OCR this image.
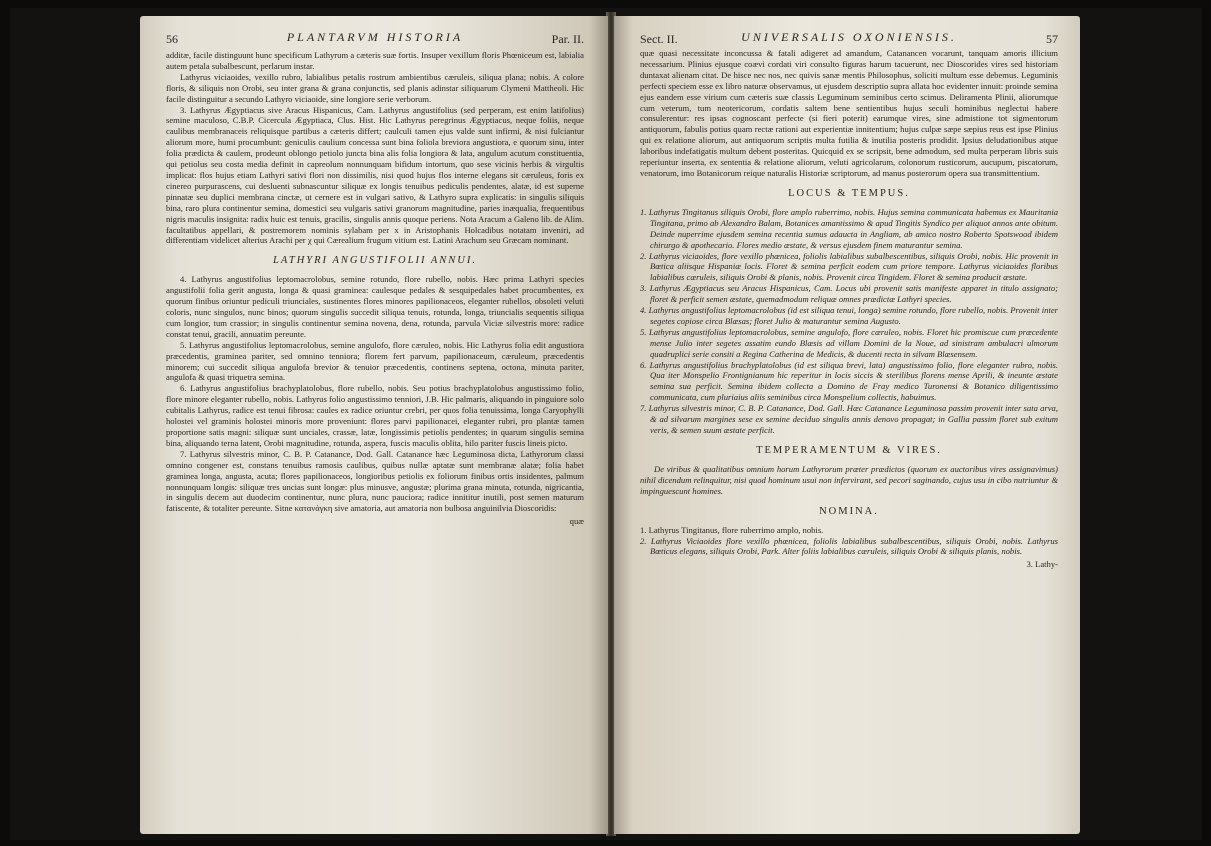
56	PLANTARVM HISTORIA	Par. II.

additæ, facile distinguunt hunc specificum Lathyrum a cæteris suæ fortis. Insuper vexillum floris Phœniceum est, labialia autem petala subalbescunt, perlarum instar.

Lathyrus viciaoides, vexillo rubro, labialibus petalis rostrum ambientibus cæruleis, siliqua plana; nobis. A colore floris, & siliquis non Orobi, seu inter grana & grana conjunctis, sed planis adinstar siliquarum Clymeni Mattheoli. Hic facile distinguitur a secundo Lathyro viciaoide, sine longiore serie verborum.

3. Lathyrus Ægyptiacus sive Aracus Hispanicus, Cam. Lathyrus angustifolius (sed perperam, est enim latifolius) semine maculoso, C.B.P. Cicercula Ægyptiaca, Clus. Hist. Hic Lathyrus peregrinus Ægyptiacus, neque foliis, neque caulibus membranaceis reliquisque partibus a cæteris differt; caulculi tamen ejus valde sunt infirmi, & nisi fulciantur aliorum more, humi procumbunt: geniculis caulium concessa sunt bina foliola breviora angustiora, e quorum sinu, inter folia prædicta & caulem, prodeunt oblongo petiolo juncta bina alis folia longiora & lata, angulum acutum constituentia, qui petiolus seu costa media definit in capreolum nonnunquam bifidum intortum, quo sese vicinis herbis & virgultis implicat: flos hujus etiam Lathyri sativi flori non dissimilis, nisi quod hujus flos interne elegans sit cæruleus, foris ex cinereo purpurascens, cui desluenti subnascuntur siliquæ ex longis tenuibus pediculis pendentes, alatæ, id est superne pinnatæ seu duplici membrana cinctæ, ut cernere est in vulgari sativo, & Lathyro supra explicatis: in singulis siliquis bina, raro plura continentur semina, domestici seu vulgaris sativi granorum magnitudine, paries inæqualia, frequentibus nigris maculis insignita: radix huic est tenuis, gracilis, singulis annis quoque periens. Nota Aracum a Galeno lib. de Alim. facultatibus appellari, & postremorem nominis sylabam per x in Aristophanis Holcadibus notatam inveniri, ad differentiam videlicet alterius Arachi per χ qui Cærealium frugum vitium est. Latini Arachum seu Græcam nominant.

LATHYRI ANGUSTIFOLII ANNUI.

4. Lathyrus angustifolius leptomacrolobus, semine rotundo, flore rubello, nobis. Hæc prima Lathyri species angustifolii folia gerit angusta, longa & quasi graminea: caulesque pedales & sesquipedales habet procumbentes, ex quorum finibus oriuntur pediculi triunciales, sustinentes flores minores papilionaceos, eleganter rubellos, obsoleti veluti coloris, nunc singulos, nunc binos; quorum singulis succedit siliqua tenuis, rotunda, longa, triuncialis sequentis siliqua cum longior, tum crassior; in singulis continentur semina novena, dena, rotunda, parvula Viciæ silvestris more: radice constat tenui, gracili, annuatim pereunte.

5. Lathyrus angustifolius leptomacrolobus, semine angulofo, flore cæruleo, nobis. Hic Lathyrus folia edit angustiora præcedentis, graminea pariter, sed omnino tenniora; florem fert parvum, papilionaceum, cæruleum, præcedentis minorem; cui succedit siliqua angulofa brevior & tenuior præcedentis, continens septena, octona, minuta pariter, angulofa & quasi triquetra semina.

6. Lathyrus angustifolius brachyplatolobus, flore rubello, nobis. Seu potius brachyplatolobus angustissimo folio, flore minore eleganter rubello, nobis. Lathyrus folio angustissimo tenniori, J.B. Hic palmaris, aliquando in pinguiore solo cubitalis Lathyrus, radice est tenui fibrosa: caules ex radice oriuntur crebri, per quos folia tenuissima, longa Caryophylli holostei vel graminis holostei minoris more proveniunt: flores parvi papilionacei, eleganter rubri, pro plantæ tamen proportione satis magni: siliquæ sunt unciales, crassæ, latæ, longissimis petiolis pendentes; in quarum singulis semina bina, aliquando terna latent, Orobi magnitudine, rotunda, aspera, fuscis maculis oblita, hilo pariter fuscis lineis picto.

7. Lathyrus silvestris minor, C. B. P. Catanance, Dod. Gall. Catanance hæc Leguminosa dicta, Lathyrorum classi omnino congener est, constans tenuibus ramosis caulibus, quibus nullæ aptatæ sunt membranæ alatæ; folia habet graminea longa, angusta, acuta; flores papilionaceos, longioribus petiolis ex foliorum finibus ortis insidentes, palmum nonnunquam longis: siliquæ tres uncias sunt longæ: plus minusve, angustæ; plurima grana minuta, rotunda, nigricantia, in singulis decem aut duodecim continentur, nunc plura, nunc pauciora; radice innititur inutili, post semen maturum fatiscente, & totaliter pereunte. Sitne κατανάγκη sive amatoria, aut amatoria non bulbosa anguinilvia Dioscoridis:

quæ
Sect. II.	UNIVERSALIS OXONIENSIS.	57

quæ quasi necessitate inconcussa & fatali adigeret ad amandum, Catanancen vocarunt, tanquam amoris illicium necessarium. Plinius ejusque coævi cordati viri consulto figuras harum tacuerunt, nec Dioscorides vires sed historiam duntaxat alienam citat. De hisce nec nos, nec quivis sanæ mentis Philosophus, soliciti multum esse debemus. Leguminis perfecti speciem esse ex libro naturæ observamus, ut ejusdem descriptio supra allata hoc evidenter innuit: proinde semina ejus eandem esse virium cum cæteris suæ classis Leguminum seminibus certo scimus. Deliramenta Plinii, aliorumque cum veterum, tum neotericorum, cordatis saltem bene sentientibus hujus seculi hominibus neglectui habere consulerentur: res ipsas cognoscant perfecte (si fieri poterit) earumque vires, sine admistione tot sigmentorum antiquorum, fabulis potius quam rectæ rationi aut experientiæ innitentium; hujus culpæ sæpe sæpius reus est ipse Plinius qui ex relatione aliorum, aut antiquorum scriptis multa futilia & inutilia posteris prodidit. Ipsius deludationibus atque laboribus indefatigatis multum debent posteritas. Quicquid ex se scripsit, bene admodum, sed multa perperam libris suis reperiuntur inserta, ex sententia & relatione aliorum, veluti agricolarum, colonorum rusticorum, aucupum, piscatorum, venatorum, imo Botanicorum reique naturalis Historiæ scriptorum, ad manus posterorum opera sua transmittentium.

LOCUS & TEMPUS.

1. Lathyrus Tingitanus siliquis Orobi, flore amplo ruberrimo, nobis. Hujus semina communicata habemus ex Mauritania Tingitana, primo ab Alexandro Balam, Botanices amantissimo & apud Tingitis Syndico per aliquot annos ante obitum. Deinde nuperrime ejusdem semina recentia sumus adaucta in Angliam, ab amico nostro Roberto Spotswood ibidem chirurgo & apothecario. Flores medio æstate, & versus ejusdem finem maturantur semina.

2. Lathyrus viciaoides, flore vexillo phœnicea, foliolis labialibus subalbescentibus, siliquis Orobi, nobis. Hic provenit in Bœtica aliisque Hispaniæ locis. Floret & semina perficit eodem cum priore tempore. Lathyrus viciaoides floribus labialibus cæruleis, siliquis Orobi & planis, nobis. Provenit circa Tingidem. Floret & semina producit æstate.

3. Lathyrus Ægyptiacus seu Aracus Hispanicus, Cam. Locus ubi provenit satis manifeste apparet in titulo assignato; floret & perficit semen æstate, quemadmodum reliquæ omnes prædictæ Lathyri species.

4. Lathyrus angustifolius leptomacrolobus (id est siliqua tenui, longa) semine rotundo, flore rubello, nobis. Provenit inter segetes copiose circa Blæsas; floret Julio & maturantur semina Augusto.

5. Lathyrus angustifolius leptomacrolobus, semine angulofo, flore cæruleo, nobis. Floret hic promiscue cum præcedente mense Julio inter segetes assatim eundo Blæsis ad villam Domini de la Noue, ad sinistram ambulacri ulmorum quadruplici serie consiti a Regina Catherina de Medicis, & ducenti recta in silvam Blæsensem.

6. Lathyrus angustifolius brachyplatolobus (id est siliqua brevi, lata) angustissimo folio, flore eleganter rubro, nobis. Qua iter Monspelio Frontignianum hic reperitur in locis siccis & sterilibus florens mense Aprili, & ineunte æstate semina sua perficit. Semina ibidem collecta a Domino de Fray medico Turonensi & Botanico diligentissimo communicata, cum pluriaius aliis seminibus circa Monspelium collectis, habuimus.

7. Lathyrus silvestris minor, C. B. P. Catanance, Dod. Gall. Hæc Catanance Leguminosa passim provenit inter sata arva, & ad silvarum margines sese ex semine deciduo singulis annis denovo propagat; in Gallia passim floret sub exitum veris, & semen suum æstate perficit.

TEMPERAMENTUM & VIRES.

De viribus & qualitatibus omnium horum Lathyrorum præter prædictos (quorum ex auctoribus vires assignavimus) nihil dicendum relinquitur, nisi quod hominum usui non infervirant, sed pecori saginando, cujus usu in cibo nutriuntur & impinguescunt homines.

NOMINA.

1. Lathyrus Tingitanus, flore ruberrimo amplo, nobis.

2. Lathyrus Viciaoides flore vexillo phœnicea, foliolis labialibus subalbescentibus, siliquis Orobi, nobis. Lathyrus Bœticus elegans, siliquis Orobi, Park. Alter foliis labialibus cæruleis, siliquis Orobi & siliquis planis, nobis.

3. Lathy-
